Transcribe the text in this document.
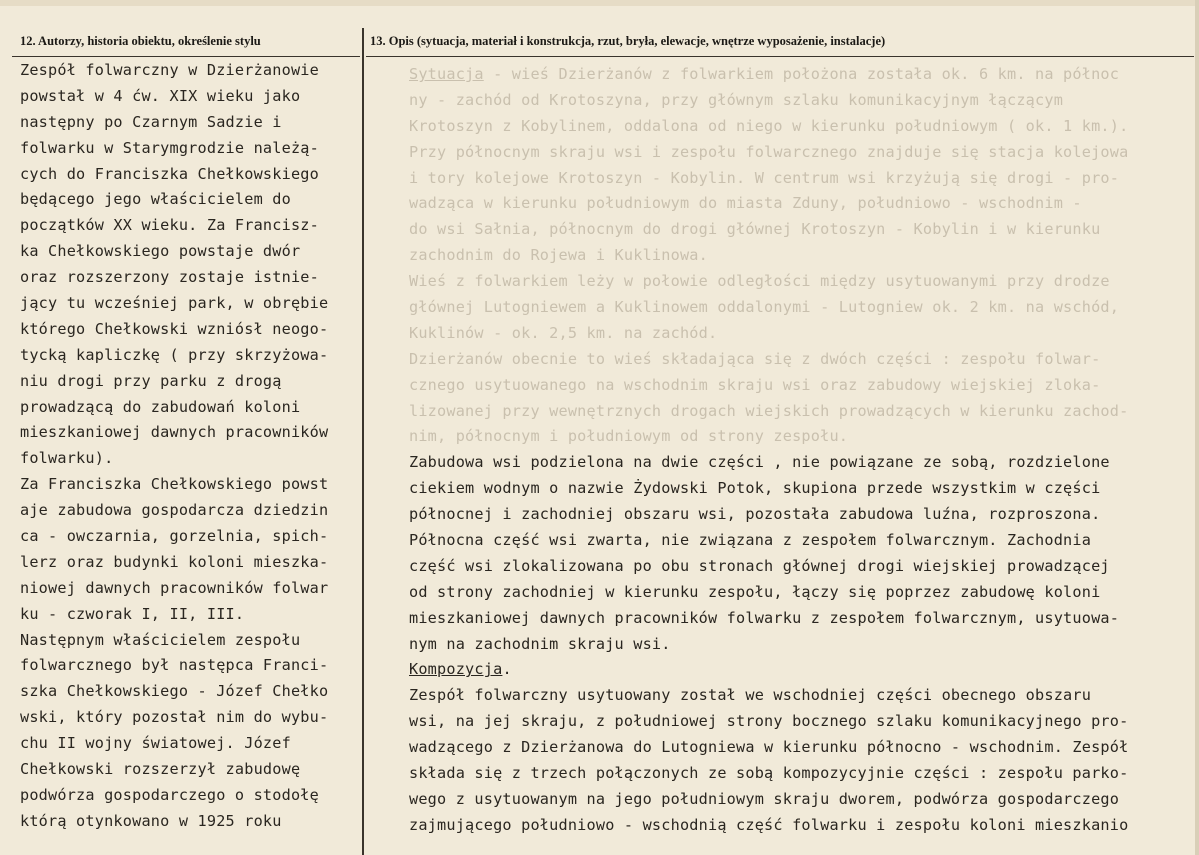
12. Autorzy, historia obiektu, określenie stylu	13. Opis (sytuacja, materiał i konstrukcja, rzut, bryła, elewacje, wnętrze wyposażenie, instalacje)
Zespół folwarczny w Dzierżanowie
powstał w 4 ćw. XIX wieku jako
następny po Czarnym Sadzie i
folwarku w Starymgrodzie należą-
cych do Franciszka Chełkowskiego
będącego jego właścicielem do
początków XX wieku. Za Francisz-
ka Chełkowskiego powstaje dwór
oraz rozszerzony zostaje istnie-
jący tu wcześniej park, w obrębie
którego Chełkowski wzniósł neogo-
tycką kapliczkę ( przy skrzyżowa-
niu drogi przy parku z drogą
prowadzącą do zabudowań koloni
mieszkaniowej dawnych pracowników
folwarku).
Za Franciszka Chełkowskiego powst
aje zabudowa gospodarcza dziedzin
ca - owczarnia, gorzelnia, spich-
lerz oraz budynki koloni mieszka-
niowej dawnych pracowników folwar
ku - czworak I, II, III.
Następnym właścicielem zespołu
folwarcznego był następca Franci-
szka Chełkowskiego - Józef Chełko
wski, który pozostał nim do wybu-
chu II wojny światowej. Józef
Chełkowski rozszerzył zabudowę
podwórza gospodarczego o stodołę
którą otynkowano w 1925 roku
Sytuacja - wieś Dzierżanów z folwarkiem położona została ok. 6 km. na północ
ny - zachód od Krotoszyna, przy głównym szlaku komunikacyjnym łączącym
Krotoszyn z Kobylinem, oddalona od niego w kierunku południowym ( ok. 1 km.).
Przy północnym skraju wsi i zespołu folwarcznego znajduje się stacja kolejowa
i tory kolejowe Krotoszyn - Kobylin. W centrum wsi krzyżują się drogi - pro-
wadząca w kierunku południowym do miasta Zduny, południowo - wschodnim -
do wsi Sałnia, północnym do drogi głównej Krotoszyn - Kobylin i w kierunku
zachodnim do Rojewa i Kuklinowa.
Wieś z folwarkiem leży w połowie odległości między usytuowanymi przy drodze
głównej Lutogniewem a Kuklinowem oddalonymi - Lutogniew ok. 2 km. na wschód,
Kuklinów - ok. 2,5 km. na zachód.
Dzierżanów obecnie to wieś składająca się z dwóch części : zespołu folwar-
cznego usytuowanego na wschodnim skraju wsi oraz zabudowy wiejskiej zloka-
lizowanej przy wewnętrznych drogach wiejskich prowadzących w kierunku zachod-
nim, północnym i południowym od strony zespołu.
Zabudowa wsi podzielona na dwie części , nie powiązane ze sobą, rozdzielone
ciekiem wodnym o nazwie Żydowski Potok, skupiona przede wszystkim w części
północnej i zachodniej obszaru wsi, pozostała zabudowa luźna, rozproszona.
Północna część wsi zwarta, nie związana z zespołem folwarcznym. Zachodnia
część wsi zlokalizowana po obu stronach głównej drogi wiejskiej prowadzącej
od strony zachodniej w kierunku zespołu, łączy się poprzez zabudowę koloni
mieszkaniowej dawnych pracowników folwarku z zespołem folwarcznym, usytuowa-
nym na zachodnim skraju wsi.
Kompozycja.
Zespół folwarczny usytuowany został we wschodniej części obecnego obszaru
wsi, na jej skraju, z południowej strony bocznego szlaku komunikacyjnego pro-
wadzącego z Dzierżanowa do Lutogniewa w kierunku północno - wschodnim. Zespół
składa się z trzech połączonych ze sobą kompozycyjnie części : zespołu parko-
wego z usytuowanym na jego południowym skraju dworem, podwórza gospodarczego
zajmującego południowo - wschodnią część folwarku i zespołu koloni mieszkanio
